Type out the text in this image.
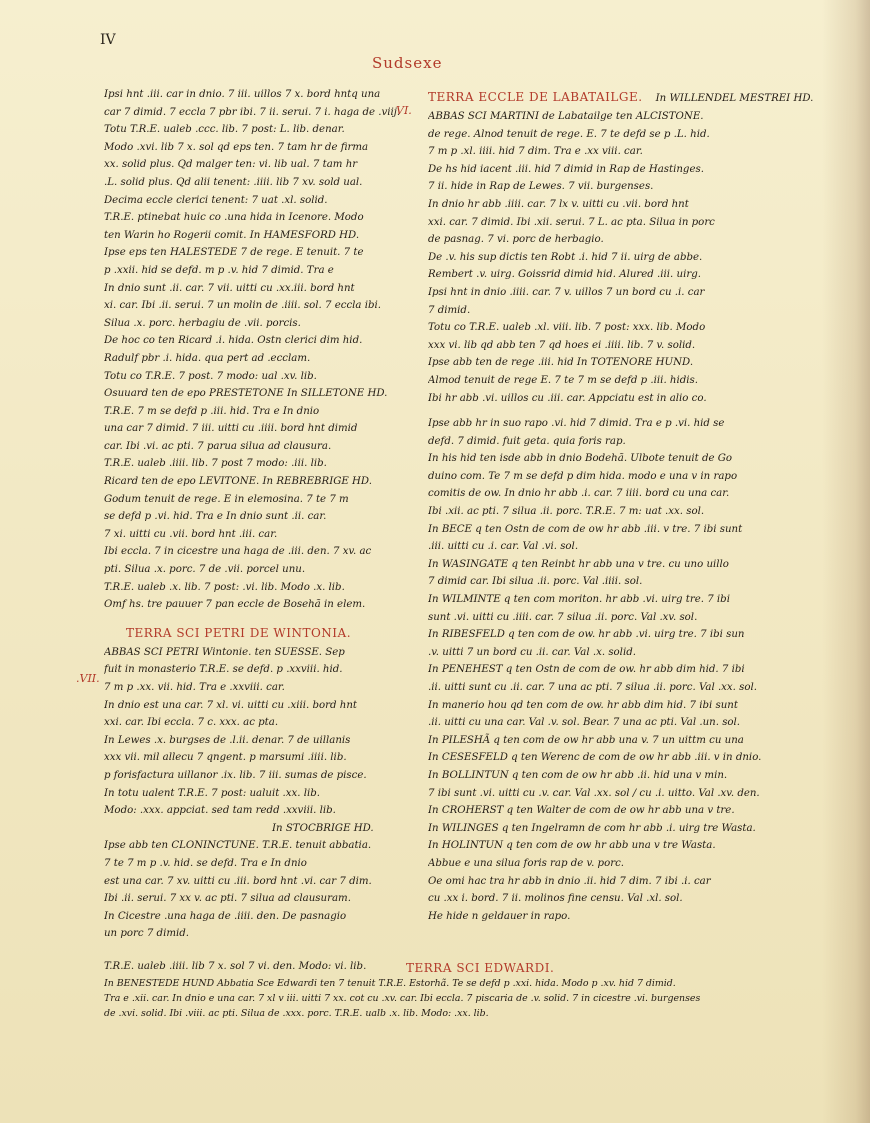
IV
Sudsexe
Ipsi hnt .iii. car in dnio. 7 iii. uillos 7 x. bord hntq una
car 7 dimid. 7 eccla 7 pbr ibi. 7 ii. serui. 7 i. haga de .viij.
Totu T.R.E. ualeb .ccc. lib. 7 post: L. lib. denar.
Modo .xvi. lib 7 x. sol qd eps ten. 7 tam hr de firma
xx. solid plus. Qd malger ten: vi. lib ual. 7 tam hr
.L. solid plus. Qd alii tenent: .iiii. lib 7 xv. sold ual.
Decima eccle clerici tenent: 7 uat .xl. solid.
T.R.E. ptinebat huic co .una hida in Icenore. Modo
ten Warin ho Rogerii comit. In HAMESFORD HD.
Ipse eps ten HALESTEDE 7 de rege. E tenuit. 7 te
p .xxii. hid se defd. m p .v. hid 7 dimid. Tra e
In dnio sunt .ii. car. 7 vii. uitti cu .xx.iii. bord hnt
xi. car. Ibi .ii. serui. 7 un molin de .iiii. sol. 7 eccla ibi.
Silua .x. porc. herbagiu de .vii. porcis.
De hoc co ten Ricard .i. hida. Ostn clerici dim hid.
Radulf pbr .i. hida. qua pert ad .ecclam.
Totu co T.R.E. 7 post. 7 modo: ual .xv. lib.
Osuuard ten de epo PRESTETONE In SILLETONE HD.
T.R.E. 7 m se defd p .iii. hid. Tra e In dnio
una car 7 dimid. 7 iii. uitti cu .iiii. bord hnt dimid
car. Ibi .vi. ac pti. 7 parua silua ad clausura.
T.R.E. ualeb .iiii. lib. 7 post 7 modo: .iii. lib.
Ricard ten de epo LEVITONE. In REBREBRIGE HD.
Godum tenuit de rege. E in elemosina. 7 te 7 m
se defd p .vi. hid. Tra e In dnio sunt .ii. car.
7 xi. uitti cu .vii. bord hnt .iii. car.
Ibi eccla. 7 in cicestre una haga de .iii. den. 7 xv. ac
pti. Silua .x. porc. 7 de .vii. porcel unu.
T.R.E. ualeb .x. lib. 7 post: .vi. lib. Modo .x. lib.
Omf hs. tre pauuer 7 pan eccle de Bosehã in elem.
TERRA SCI PETRI DE WINTONIA.
ABBAS SCI PETRI Wintonie. ten SUESSE. Sep
fuit in monasterio T.R.E. se defd. p .xxviii. hid.
7 m p .xx. vii. hid. Tra e .xxviii. car.
In dnio est una car. 7 xl. vi. uitti cu .xiii. bord hnt
xxi. car. Ibi eccla. 7 c. xxx. ac pta.
In Lewes .x. burgses de .l.ii. denar. 7 de uillanis
xxx vii. mil allecu 7 qngent. p marsumi .iiii. lib.
p forisfactura uillanor .ix. lib. 7 iii. sumas de pisce.
In totu ualent T.R.E. 7 post: ualuit .xx. lib.
Modo: .xxx. appciat. sed tam redd .xxviii. lib.
In STOCBRIGE HD.
Ipse abb ten CLONINCTUNE. T.R.E. tenuit abbatia.
7 te 7 m p .v. hid. se defd. Tra e In dnio
est una car. 7 xv. uitti cu .iii. bord hnt .vi. car 7 dim.
Ibi .ii. serui. 7 xx v. ac pti. 7 silua ad clausuram.
In Cicestre .una haga de .iiii. den. De pasnagio
un porc 7 dimid.
.VII.
TERRA ECCLE DE LABATAILGE. In WILLENDEL MESTREI HD.
ABBAS SCI MARTINI de Labatailge ten ALCISTONE.
de rege. Alnod tenuit de rege. E. 7 te defd se p .L. hid.
7 m p .xl. iiii. hid 7 dim. Tra e .xx viii. car.
De hs hid iacent .iii. hid 7 dimid in Rap de Hastinges.
7 ii. hide in Rap de Lewes. 7 vii. burgenses.
In dnio hr abb .iiii. car. 7 lx v. uitti cu .vii. bord hnt
xxi. car. 7 dimid. Ibi .xii. serui. 7 L. ac pta. Silua in porc
de pasnag. 7 vi. porc de herbagio.
De .v. his sup dictis ten Robt .i. hid 7 ii. uirg de abbe.
Rembert .v. uirg. Goissrid dimid hid. Alured .iii. uirg.
Ipsi hnt in dnio .iiii. car. 7 v. uillos 7 un bord cu .i. car
7 dimid.
Totu co T.R.E. ualeb .xl. viii. lib. 7 post: xxx. lib. Modo
xxx vi. lib qd abb ten 7 qd hoes ei .iiii. lib. 7 v. solid.
Ipse abb ten de rege .iii. hid In TOTENORE HUND.
Almod tenuit de rege E. 7 te 7 m se defd p .iii. hidis.
Ibi hr abb .vi. uillos cu .iii. car. Appciatu est in alio co.
Ipse abb hr in suo rapo .vi. hid 7 dimid. Tra e p .vi. hid se
defd. 7 dimid. fuit geta. quia foris rap.
In his hid ten isde abb in dnio Bodehã. Ulbote tenuit de Go
duino com. Te 7 m se defd p dim hida. modo e una v in rapo
comitis de ow. In dnio hr abb .i. car. 7 iiii. bord cu una car.
Ibi .xii. ac pti. 7 silua .ii. porc. T.R.E. 7 m: uat .xx. sol.
In BECE q ten Ostn de com de ow hr abb .iii. v tre. 7 ibi sunt
.iii. uitti cu .i. car. Val .vi. sol.
In WASINGATE q ten Reinbt hr abb una v tre. cu uno uillo
7 dimid car. Ibi silua .ii. porc. Val .iiii. sol.
In WILMINTE q ten com moriton. hr abb .vi. uirg tre. 7 ibi
sunt .vi. uitti cu .iiii. car. 7 silua .ii. porc. Val .xv. sol.
In RIBESFELD q ten com de ow. hr abb .vi. uirg tre. 7 ibi sun
.v. uitti 7 un bord cu .ii. car. Val .x. solid.
In PENEHEST q ten Ostn de com de ow. hr abb dim hid. 7 ibi
.ii. uitti sunt cu .ii. car. 7 una ac pti. 7 silua .ii. porc. Val .xx. sol.
In manerio hou qd ten com de ow. hr abb dim hid. 7 ibi sunt
.ii. uitti cu una car. Val .v. sol. Bear. 7 una ac pti. Val .un. sol.
In PILESHÃ q ten com de ow hr abb una v. 7 un uittm cu una
In CESESFELD q ten Werenc de com de ow hr abb .iii. v in dnio.
In BOLLINTUN q ten com de ow hr abb .ii. hid una v min.
7 ibi sunt .vi. uitti cu .v. car. Val .xx. sol / cu .i. uitto. Val .xv. den.
In CROHERST q ten Walter de com de ow hr abb una v tre.
In WILINGES q ten Ingelramn de com hr abb .i. uirg tre Wasta.
In HOLINTUN q ten com de ow hr abb una v tre Wasta.
Abbue e una silua foris rap de v. porc.
Oe omi hac tra hr abb in dnio .ii. hid 7 dim. 7 ibi .i. car
cu .xx i. bord. 7 ii. molinos fine censu. Val .xl. sol.
He hide n geldauer in rapo.
VI.
T.R.E. ualeb .iiii. lib 7 x. sol 7 vi. den. Modo: vi. lib.
In BENESTEDE HUND Abbatia Sce Edwardi ten 7 tenuit T.R.E. Estorhã. Te se defd p .xxi. hida. Modo p .xv. hid 7 dimid.
Tra e .xii. car. In dnio e una car. 7 xl v iii. uitti 7 xx. cot cu .xv. car. Ibi eccla. 7 piscaria de .v. solid. 7 in cicestre .vi. burgenses
de .xvi. solid. Ibi .viii. ac pti. Silua de .xxx. porc. T.R.E. ualb .x. lib. Modo: .xx. lib.
TERRA SCI EDWARDI.
